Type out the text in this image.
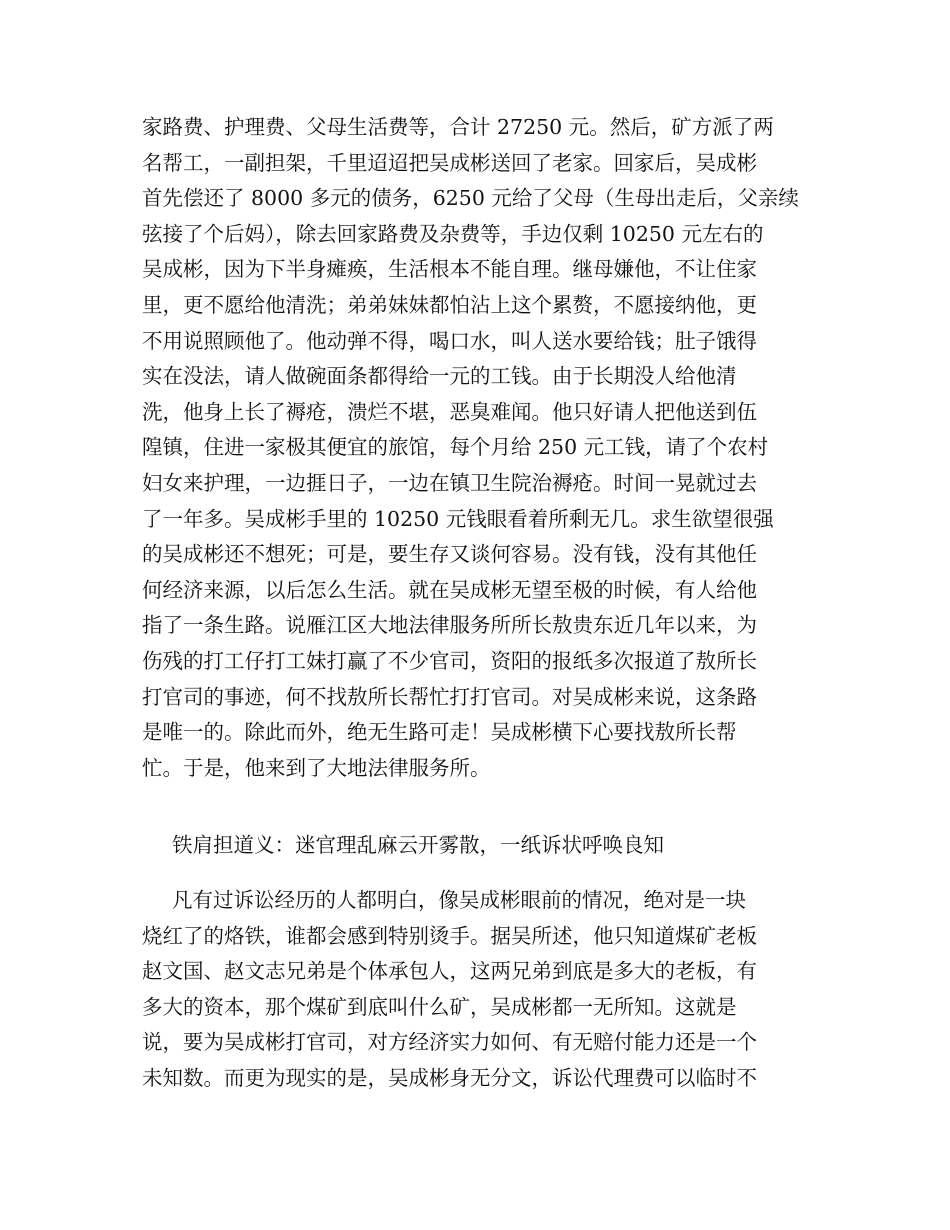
家路费、护理费、父母生活费等，合计 27250 元。然后，矿方派了两
名帮工，一副担架，千里迢迢把吴成彬送回了老家。回家后，吴成彬
首先偿还了 8000 多元的债务，6250 元给了父母（生母出走后，父亲续
弦接了个后妈），除去回家路费及杂费等，手边仅剩 10250 元左右的
吴成彬，因为下半身瘫痪，生活根本不能自理。继母嫌他，不让住家
里，更不愿给他清洗；弟弟妹妹都怕沾上这个累赘，不愿接纳他，更
不用说照顾他了。他动弹不得，喝口水，叫人送水要给钱；肚子饿得
实在没法，请人做碗面条都得给一元的工钱。由于长期没人给他清
洗，他身上长了褥疮，溃烂不堪，恶臭难闻。他只好请人把他送到伍
隍镇，住进一家极其便宜的旅馆，每个月给 250 元工钱，请了个农村
妇女来护理，一边捱日子，一边在镇卫生院治褥疮。时间一晃就过去
了一年多。吴成彬手里的 10250 元钱眼看着所剩无几。求生欲望很强
的吴成彬还不想死；可是，要生存又谈何容易。没有钱，没有其他任
何经济来源，以后怎么生活。就在吴成彬无望至极的时候，有人给他
指了一条生路。说雁江区大地法律服务所所长敖贵东近几年以来，为
伤残的打工仔打工妹打赢了不少官司，资阳的报纸多次报道了敖所长
打官司的事迹，何不找敖所长帮忙打打官司。对吴成彬来说，这条路
是唯一的。除此而外，绝无生路可走！吴成彬横下心要找敖所长帮
忙。于是，他来到了大地法律服务所。
铁肩担道义：迷官理乱麻云开雾散，一纸诉状呼唤良知
凡有过诉讼经历的人都明白，像吴成彬眼前的情况，绝对是一块
烧红了的烙铁，谁都会感到特别烫手。据吴所述，他只知道煤矿老板
赵文国、赵文志兄弟是个体承包人，这两兄弟到底是多大的老板，有
多大的资本，那个煤矿到底叫什么矿，吴成彬都一无所知。这就是
说，要为吴成彬打官司，对方经济实力如何、有无赔付能力还是一个
未知数。而更为现实的是，吴成彬身无分文，诉讼代理费可以临时不
